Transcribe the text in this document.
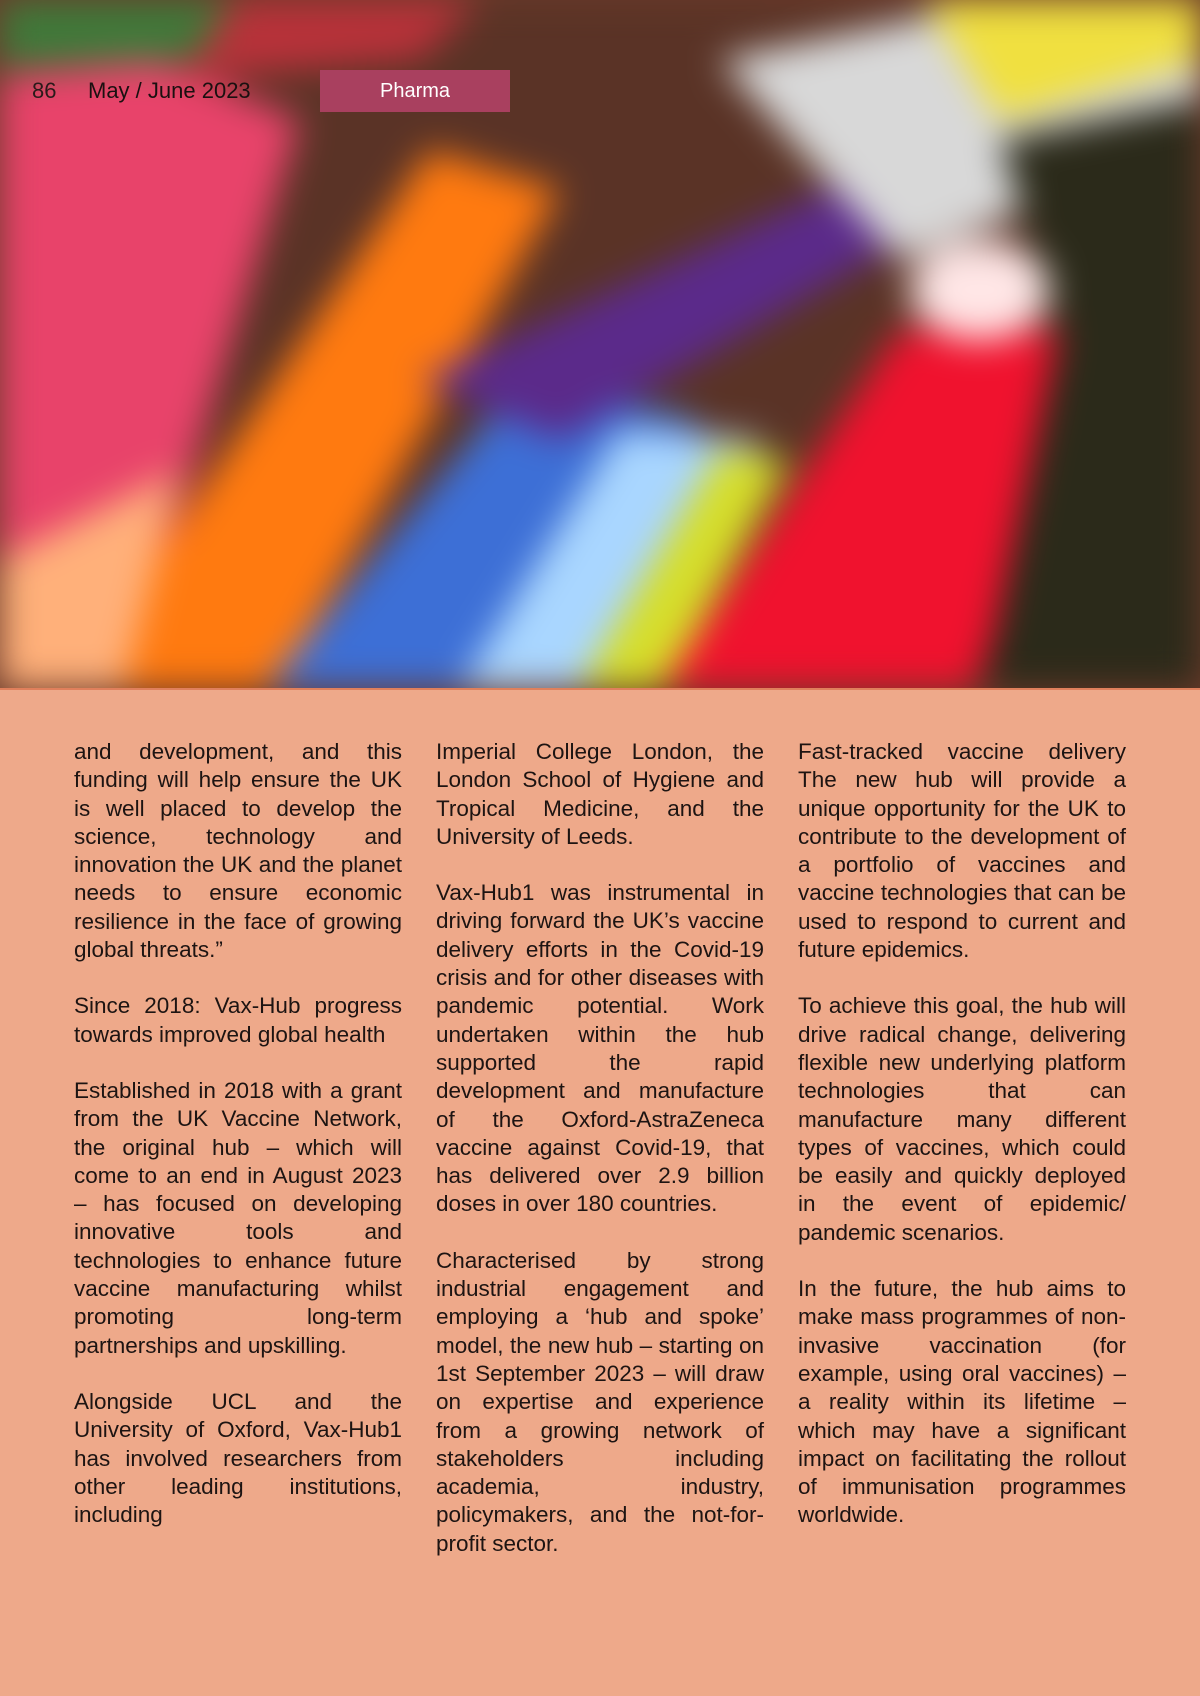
86 May / June 2023	Pharma

and development, and this funding will help ensure the UK is well placed to develop the science, technology and innovation the UK and the planet needs to ensure economic resilience in the face of growing global threats.”

Since 2018: Vax-Hub progress towards improved global health

Established in 2018 with a grant from the UK Vaccine Network, the original hub – which will come to an end in August 2023 – has focused on developing innovative tools and technologies to enhance future vaccine manufacturing whilst promoting long-term partnerships and upskilling.

Alongside UCL and the University of Oxford, Vax-Hub1 has involved researchers from other leading institutions, including

Imperial College London, the London School of Hygiene and Tropical Medicine, and the University of Leeds.

Vax-Hub1 was instrumental in driving forward the UK’s vaccine delivery efforts in the Covid-19 crisis and for other diseases with pandemic potential. Work undertaken within the hub supported the rapid development and manufacture of the Oxford-AstraZeneca vaccine against Covid-19, that has delivered over 2.9 billion doses in over 180 countries.

Characterised by strong industrial engagement and employing a ‘hub and spoke’ model, the new hub – starting on 1st September 2023 – will draw on expertise and experience from a growing network of stakeholders including academia, industry, policymakers, and the not-for-profit sector.

Fast-tracked vaccine delivery The new hub will provide a unique opportunity for the UK to contribute to the development of a portfolio of vaccines and vaccine technologies that can be used to respond to current and future epidemics.

To achieve this goal, the hub will drive radical change, delivering flexible new underlying platform technologies that can manufacture many different types of vaccines, which could be easily and quickly deployed in the event of epidemic/ pandemic scenarios.

In the future, the hub aims to make mass programmes of non-invasive vaccination (for example, using oral vaccines) – a reality within its lifetime – which may have a significant impact on facilitating the rollout of immunisation programmes worldwide.
